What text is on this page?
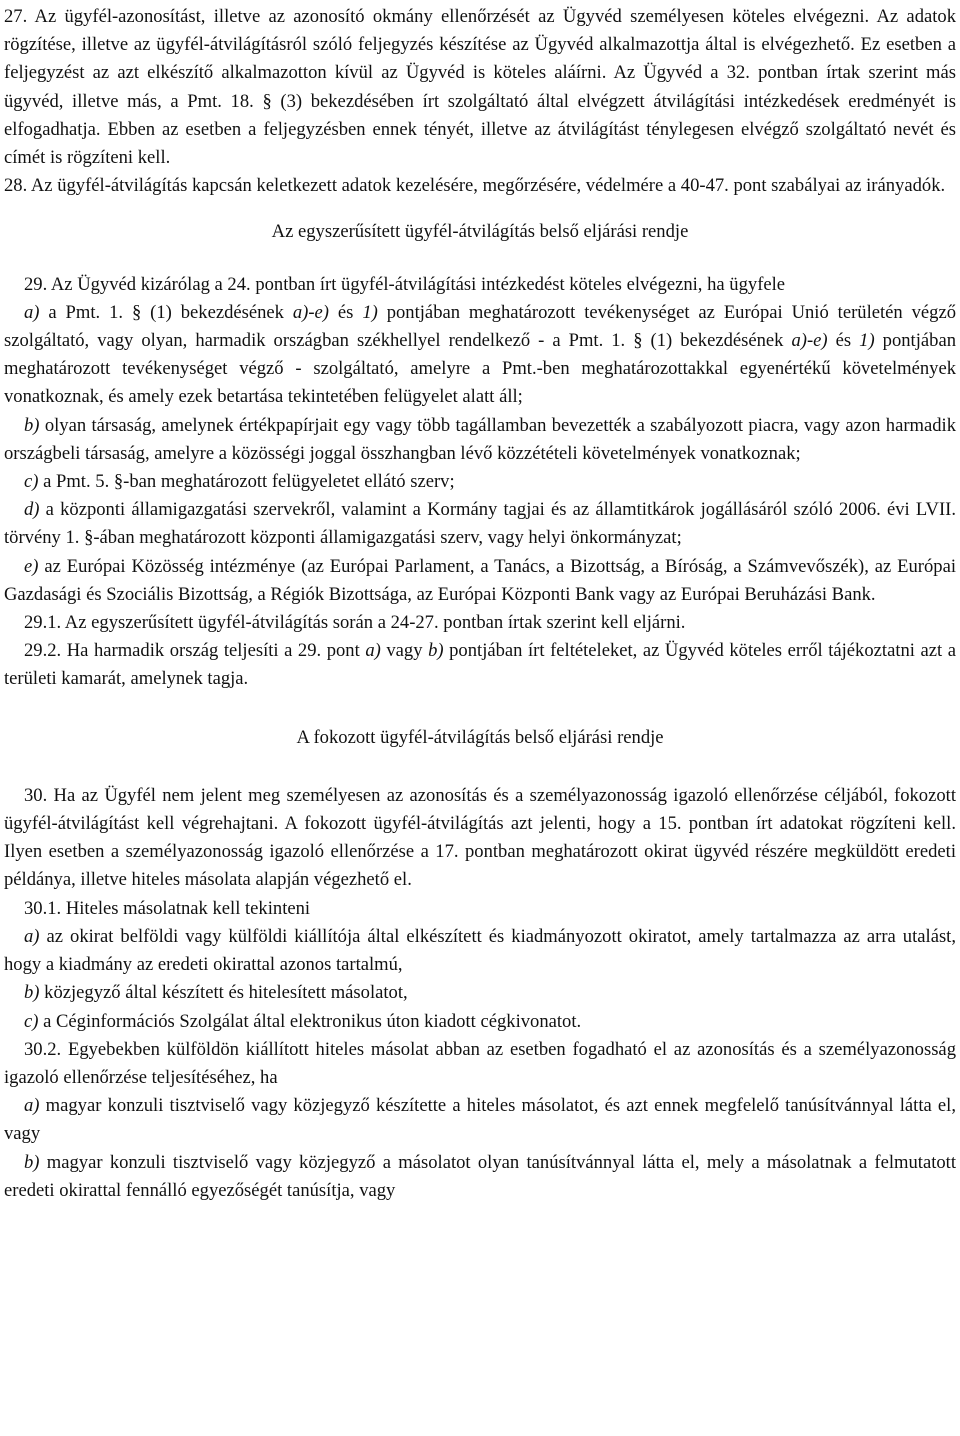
27. Az ügyfél-azonosítást, illetve az azonosító okmány ellenőrzését az Ügyvéd személyesen köteles elvégezni. Az adatok rögzítése, illetve az ügyfél-átvilágításról szóló feljegyzés készítése az Ügyvéd alkalmazottja által is elvégezhető. Ez esetben a feljegyzést az azt elkészítő alkalmazotton kívül az Ügyvéd is köteles aláírni. Az Ügyvéd a 32. pontban írtak szerint más ügyvéd, illetve más, a Pmt. 18. § (3) bekezdésében írt szolgáltató által elvégzett átvilágítási intézkedések eredményét is elfogadhatja. Ebben az esetben a feljegyzésben ennek tényét, illetve az átvilágítást ténylegesen elvégző szolgáltató nevét és címét is rögzíteni kell.

28. Az ügyfél-átvilágítás kapcsán keletkezett adatok kezelésére, megőrzésére, védelmére a 40-47. pont szabályai az irányadók.

Az egyszerűsített ügyfél-átvilágítás belső eljárási rendje

29. Az Ügyvéd kizárólag a 24. pontban írt ügyfél-átvilágítási intézkedést köteles elvégezni, ha ügyfele

a) a Pmt. 1. § (1) bekezdésének a)-e) és 1) pontjában meghatározott tevékenységet az Európai Unió területén végző szolgáltató, vagy olyan, harmadik országban székhellyel rendelkező - a Pmt. 1. § (1) bekezdésének a)-e) és 1) pontjában meghatározott tevékenységet végző - szolgáltató, amelyre a Pmt.-ben meghatározottakkal egyenértékű követelmények vonatkoznak, és amely ezek betartása tekintetében felügyelet alatt áll;

b) olyan társaság, amelynek értékpapírjait egy vagy több tagállamban bevezették a szabályozott piacra, vagy azon harmadik országbeli társaság, amelyre a közösségi joggal összhangban lévő közzétételi követelmények vonatkoznak;

c) a Pmt. 5. §-ban meghatározott felügyeletet ellátó szerv;

d) a központi államigazgatási szervekről, valamint a Kormány tagjai és az államtitkárok jogállásáról szóló 2006. évi LVII. törvény 1. §-ában meghatározott központi államigazgatási szerv, vagy helyi önkormányzat;

e) az Európai Közösség intézménye (az Európai Parlament, a Tanács, a Bizottság, a Bíróság, a Számvevőszék), az Európai Gazdasági és Szociális Bizottság, a Régiók Bizottsága, az Európai Központi Bank vagy az Európai Beruházási Bank.

29.1. Az egyszerűsített ügyfél-átvilágítás során a 24-27. pontban írtak szerint kell eljárni.

29.2. Ha harmadik ország teljesíti a 29. pont a) vagy b) pontjában írt feltételeket, az Ügyvéd köteles erről tájékoztatni azt a területi kamarát, amelynek tagja.

A fokozott ügyfél-átvilágítás belső eljárási rendje

30. Ha az Ügyfél nem jelent meg személyesen az azonosítás és a személyazonosság igazoló ellenőrzése céljából, fokozott ügyfél-átvilágítást kell végrehajtani. A fokozott ügyfél-átvilágítás azt jelenti, hogy a 15. pontban írt adatokat rögzíteni kell. Ilyen esetben a személyazonosság igazoló ellenőrzése a 17. pontban meghatározott okirat ügyvéd részére megküldött eredeti példánya, illetve hiteles másolata alapján végezhető el.

30.1. Hiteles másolatnak kell tekinteni

a) az okirat belföldi vagy külföldi kiállítója által elkészített és kiadmányozott okiratot, amely tartalmazza az arra utalást, hogy a kiadmány az eredeti okirattal azonos tartalmú,

b) közjegyző által készített és hitelesített másolatot,

c) a Céginformációs Szolgálat által elektronikus úton kiadott cégkivonatot.

30.2. Egyebekben külföldön kiállított hiteles másolat abban az esetben fogadható el az azonosítás és a személyazonosság igazoló ellenőrzése teljesítéséhez, ha

a) magyar konzuli tisztviselő vagy közjegyző készítette a hiteles másolatot, és azt ennek megfelelő tanúsítvánnyal látta el, vagy

b) magyar konzuli tisztviselő vagy közjegyző a másolatot olyan tanúsítvánnyal látta el, mely a másolatnak a felmutatott eredeti okirattal fennálló egyezőségét tanúsítja, vagy
